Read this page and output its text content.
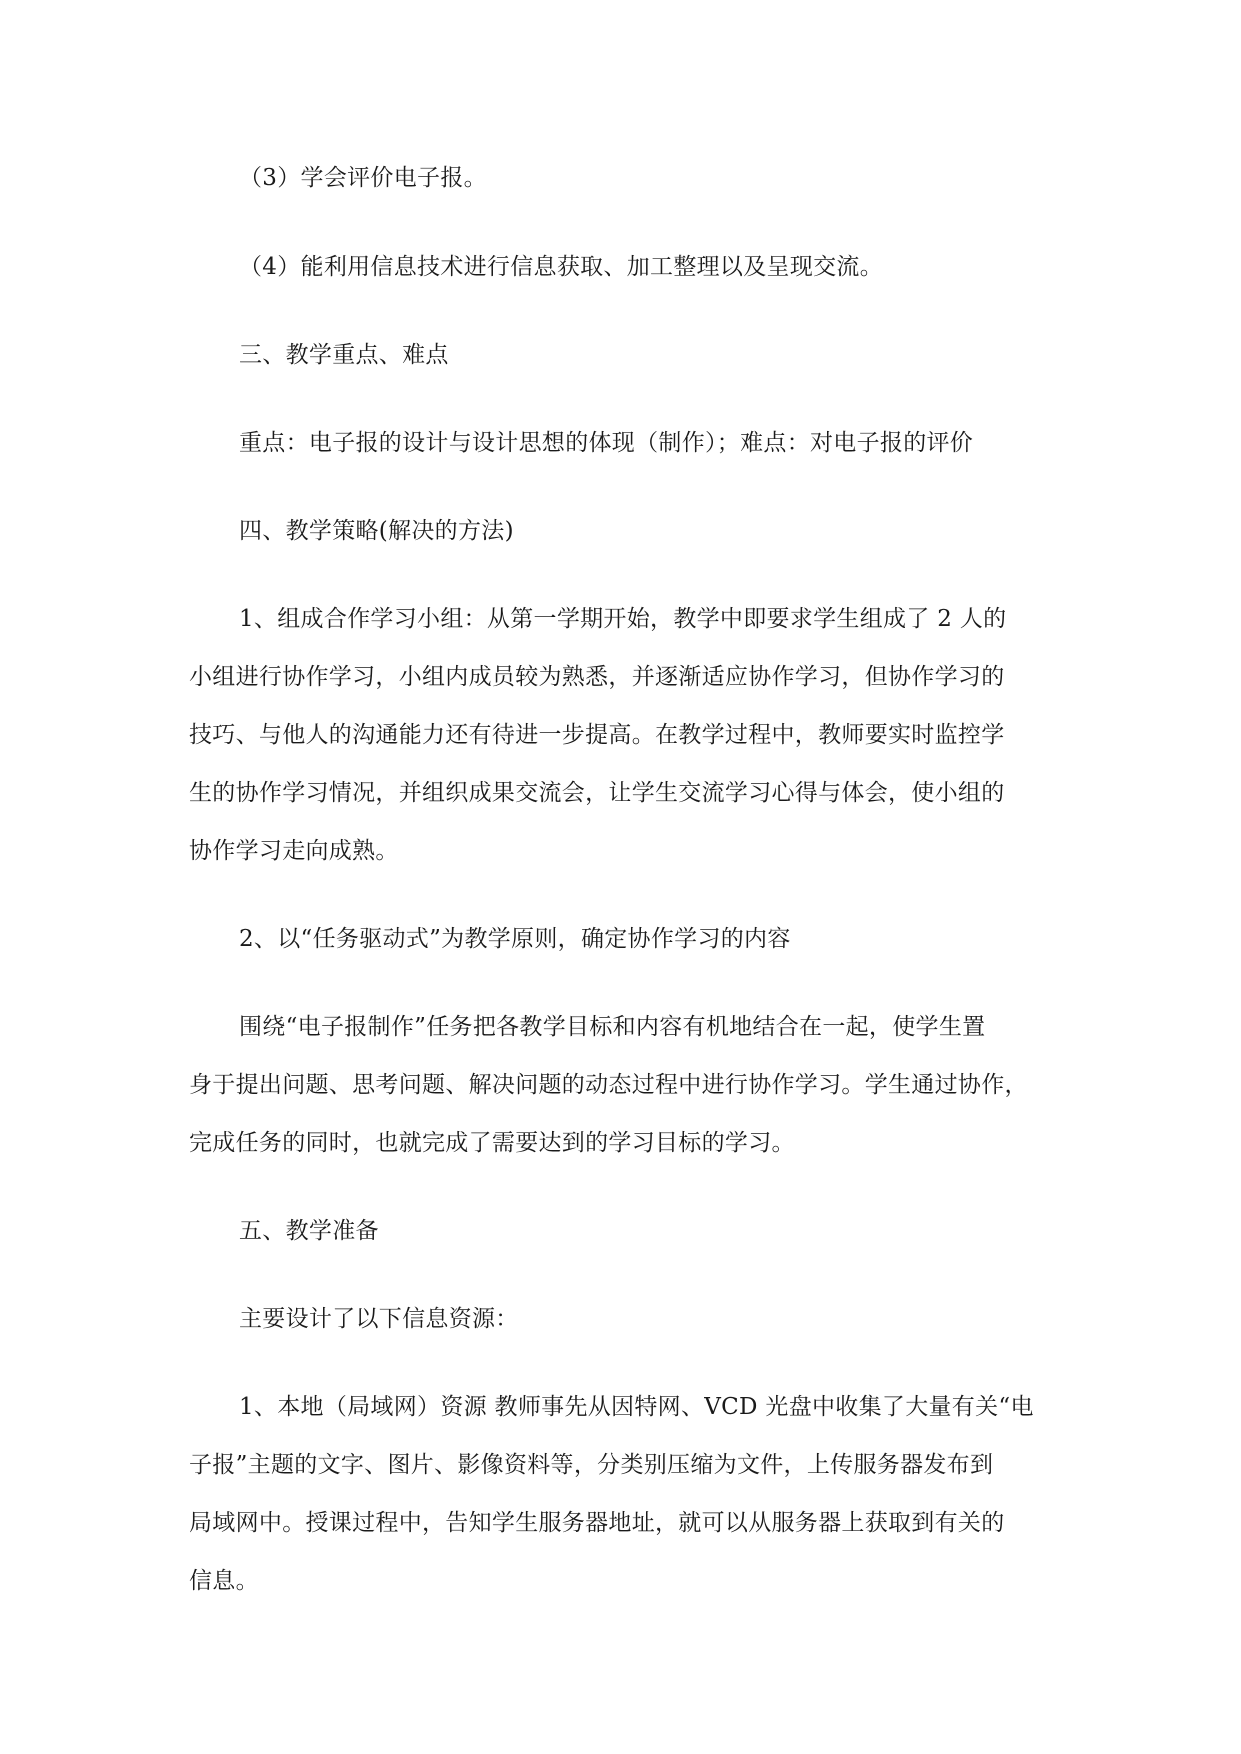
（3）学会评价电子报。
（4）能利用信息技术进行信息获取、加工整理以及呈现交流。
三、教学重点、难点
重点：电子报的设计与设计思想的体现（制作）；难点：对电子报的评价
四、教学策略(解决的方法)
1、组成合作学习小组：从第一学期开始，教学中即要求学生组成了 2 人的
小组进行协作学习，小组内成员较为熟悉，并逐渐适应协作学习，但协作学习的
技巧、与他人的沟通能力还有待进一步提高。在教学过程中，教师要实时监控学
生的协作学习情况，并组织成果交流会，让学生交流学习心得与体会，使小组的
协作学习走向成熟。
2、以“任务驱动式”为教学原则，确定协作学习的内容
围绕“电子报制作”任务把各教学目标和内容有机地结合在一起，使学生置
身于提出问题、思考问题、解决问题的动态过程中进行协作学习。学生通过协作，
完成任务的同时，也就完成了需要达到的学习目标的学习。
五、教学准备
主要设计了以下信息资源：
1、本地（局域网）资源 教师事先从因特网、VCD 光盘中收集了大量有关“电
子报”主题的文字、图片、影像资料等，分类别压缩为文件，上传服务器发布到
局域网中。授课过程中，告知学生服务器地址，就可以从服务器上获取到有关的
信息。
